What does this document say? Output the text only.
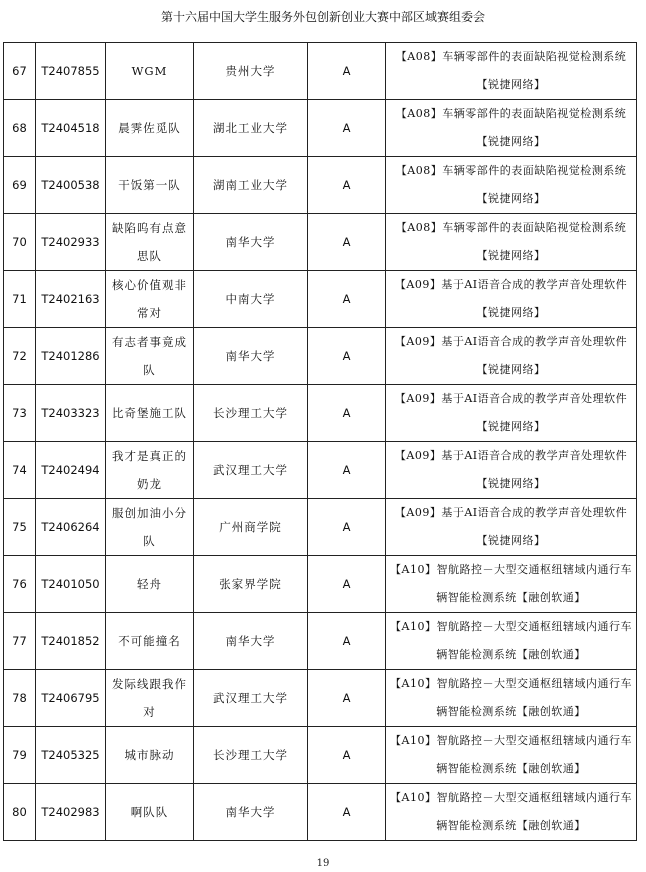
第十六届中国大学生服务外包创新创业大赛中部区域赛组委会
67	T2407855	WGM	贵州大学	A	【A08】车辆零部件的表面缺陷视觉检测系统【锐捷网络】
68	T2404518	晨霁佐觅队	湖北工业大学	A	【A08】车辆零部件的表面缺陷视觉检测系统【锐捷网络】
69	T2400538	干饭第一队	湖南工业大学	A	【A08】车辆零部件的表面缺陷视觉检测系统【锐捷网络】
70	T2402933	缺陷呜有点意思队	南华大学	A	【A08】车辆零部件的表面缺陷视觉检测系统【锐捷网络】
71	T2402163	核心价值观非常对	中南大学	A	【A09】基于AI语音合成的教学声音处理软件【锐捷网络】
72	T2401286	有志者事竟成队	南华大学	A	【A09】基于AI语音合成的教学声音处理软件【锐捷网络】
73	T2403323	比奇堡施工队	长沙理工大学	A	【A09】基于AI语音合成的教学声音处理软件【锐捷网络】
74	T2402494	我才是真正的奶龙	武汉理工大学	A	【A09】基于AI语音合成的教学声音处理软件【锐捷网络】
75	T2406264	服创加油小分队	广州商学院	A	【A09】基于AI语音合成的教学声音处理软件【锐捷网络】
76	T2401050	轻舟	张家界学院	A	【A10】智航路控－大型交通枢纽辖域内通行车辆智能检测系统【融创软通】
77	T2401852	不可能撞名	南华大学	A	【A10】智航路控－大型交通枢纽辖域内通行车辆智能检测系统【融创软通】
78	T2406795	发际线跟我作对	武汉理工大学	A	【A10】智航路控－大型交通枢纽辖域内通行车辆智能检测系统【融创软通】
79	T2405325	城市脉动	长沙理工大学	A	【A10】智航路控－大型交通枢纽辖域内通行车辆智能检测系统【融创软通】
80	T2402983	啊队队	南华大学	A	【A10】智航路控－大型交通枢纽辖域内通行车辆智能检测系统【融创软通】
19
